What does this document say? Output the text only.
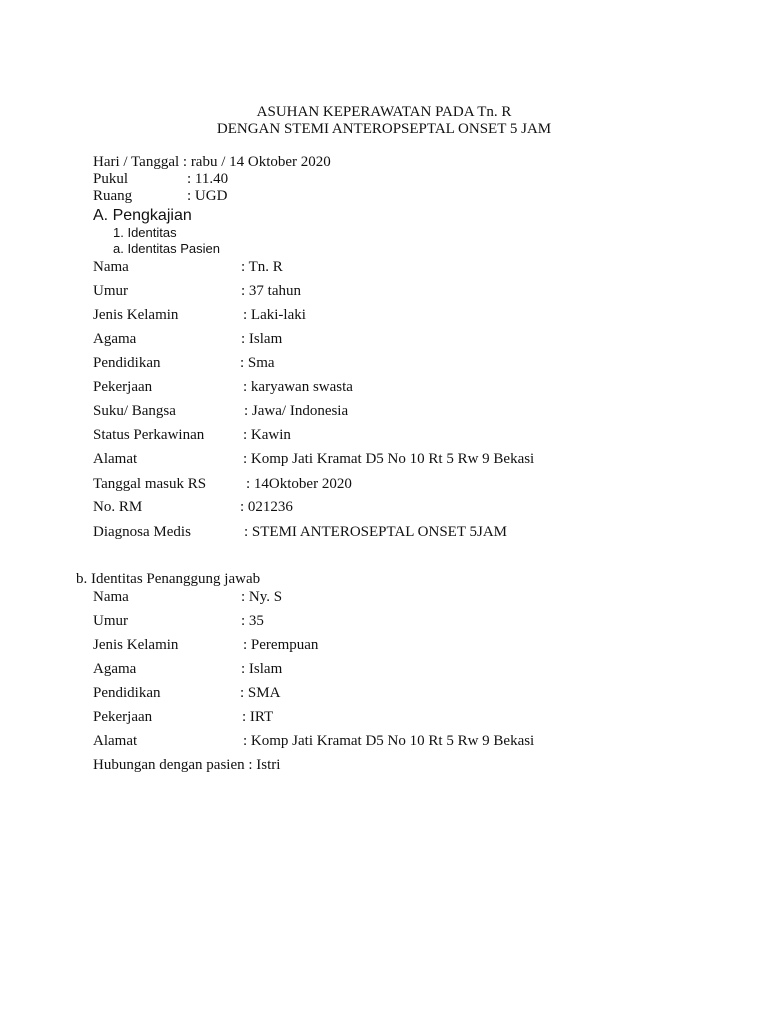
ASUHAN KEPERAWATAN PADA Tn. R
DENGAN STEMI ANTEROPSEPTAL ONSET 5 JAM
Hari / Tanggal : rabu / 14 Oktober 2020
Pukul	: 11.40
Ruang	: UGD
A. Pengkajian
1. Identitas
a. Identitas Pasien
Nama	: Tn. R
Umur	: 37 tahun
Jenis Kelamin	: Laki-laki
Agama	: Islam
Pendidikan	: Sma
Pekerjaan	: karyawan swasta
Suku/ Bangsa	: Jawa/ Indonesia
Status Perkawinan	: Kawin
Alamat	: Komp Jati Kramat D5 No 10 Rt 5 Rw 9 Bekasi
Tanggal masuk RS	: 14Oktober 2020
No. RM	: 021236
Diagnosa Medis	: STEMI ANTEROSEPTAL ONSET 5JAM
b. Identitas Penanggung jawab
Nama	: Ny. S
Umur	: 35
Jenis Kelamin	: Perempuan
Agama	: Islam
Pendidikan	: SMA
Pekerjaan	: IRT
Alamat	: Komp Jati Kramat D5 No 10 Rt 5 Rw 9 Bekasi
Hubungan dengan pasien : Istri
